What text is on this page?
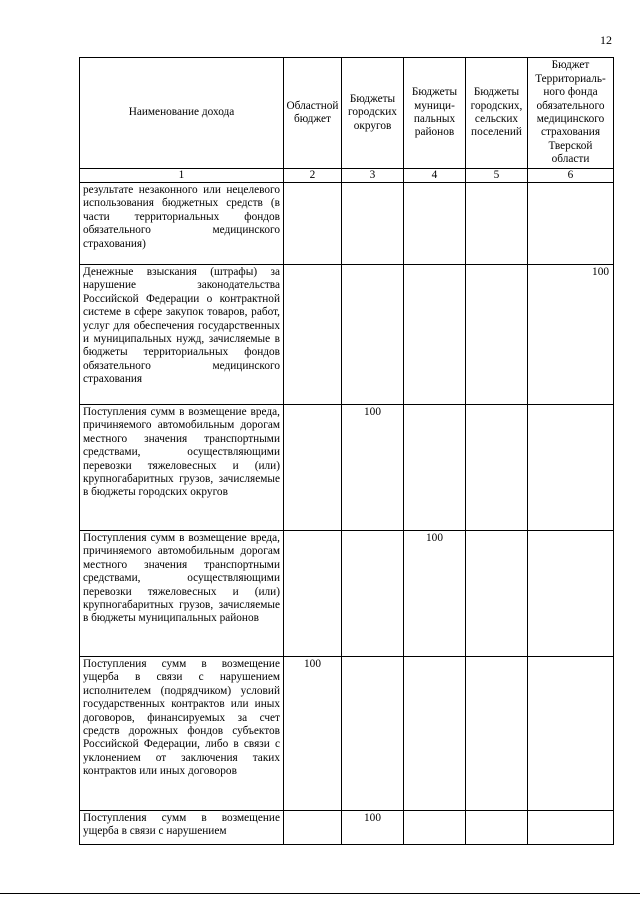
12
Наименование дохода	Областной бюджет	Бюджеты городских округов	Бюджеты муници-пальных районов	Бюджеты городских, сельских поселений	Бюджет Территориаль-ного фонда обязательного медицинского страхования Тверской области

1	2	3	4	5	6

результате незаконного или нецелевого использования бюджетных средств (в части территориальных фондов обязательного медицинского страхования)					

Денежные взыскания (штрафы) за нарушение законодательства Российской Федерации о контрактной системе в сфере закупок товаров, работ, услуг для обеспечения государственных и муниципальных нужд, зачисляемые в бюджеты территориальных фондов обязательного медицинского страхования					100

Поступления сумм в возмещение вреда, причиняемого автомобильным дорогам местного значения транспортными средствами, осуществляющими перевозки тяжеловесных и (или) крупногабаритных грузов, зачисляемые в бюджеты городских округов		100			

Поступления сумм в возмещение вреда, причиняемого автомобильным дорогам местного значения транспортными средствами, осуществляющими перевозки тяжеловесных и (или) крупногабаритных грузов, зачисляемые в бюджеты муниципальных районов			100		

Поступления сумм в возмещение ущерба в связи с нарушением исполнителем (подрядчиком) условий государственных контрактов или иных договоров, финансируемых за счет средств дорожных фондов субъектов Российской Федерации, либо в связи с уклонением от заключения таких контрактов или иных договоров	100				

Поступления сумм в возмещение ущерба в связи с нарушением		100			
